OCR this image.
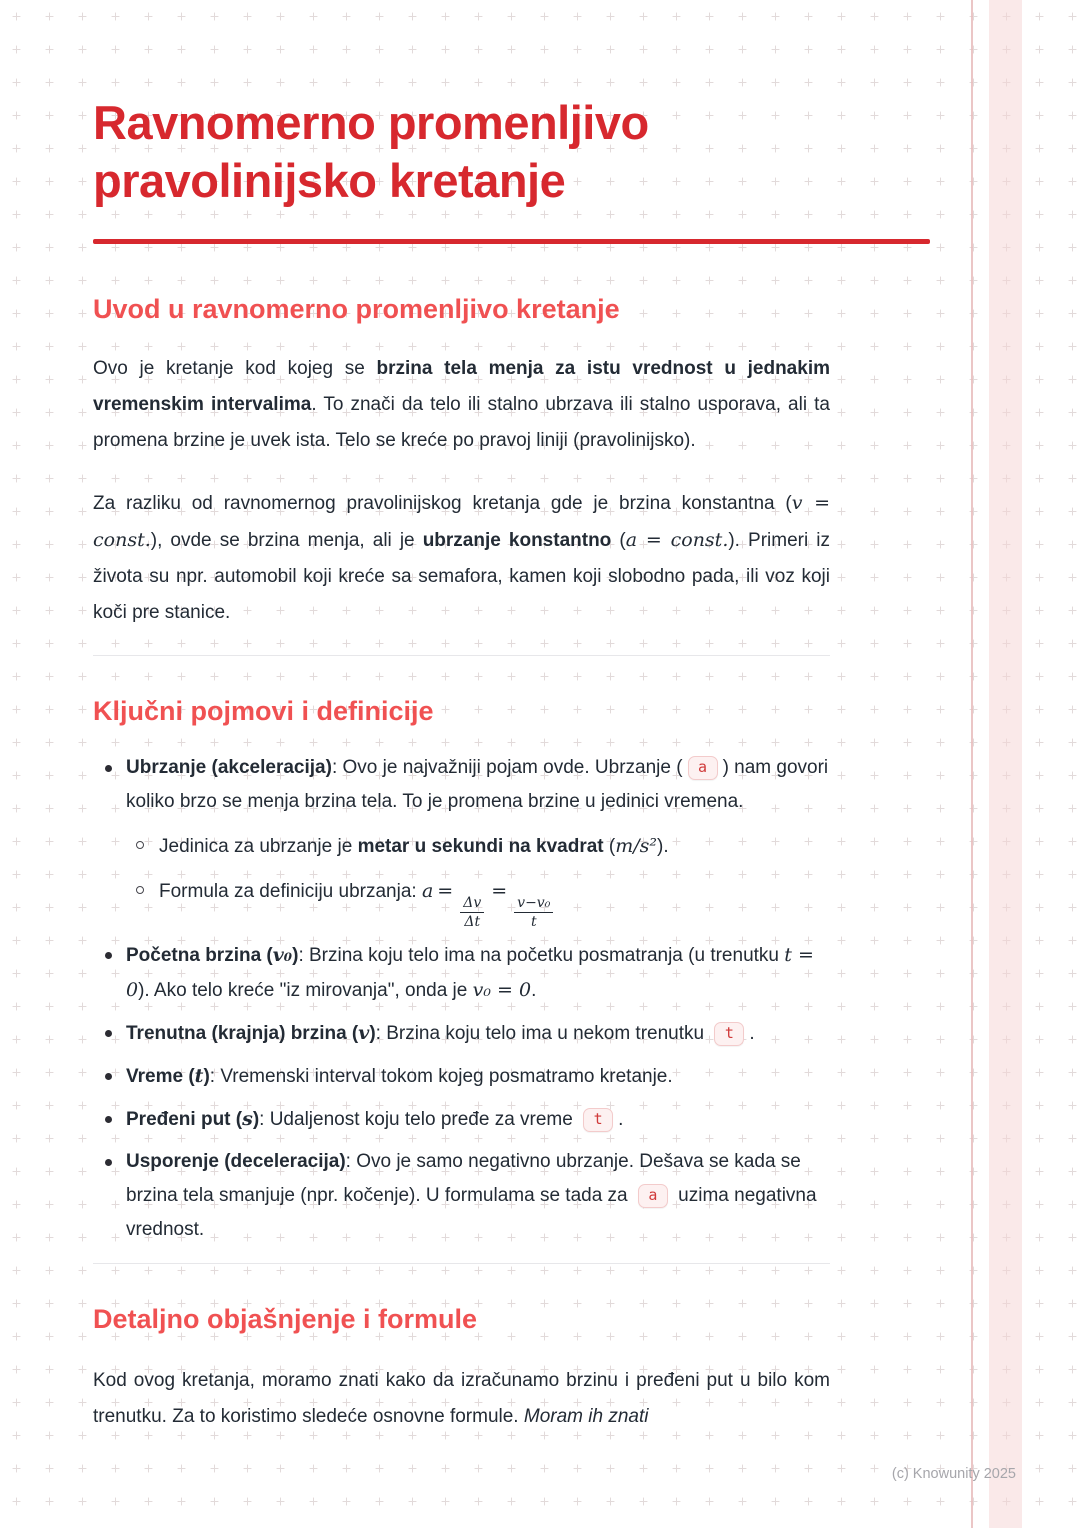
Ravnomerno promenljivo pravolinijsko kretanje
Uvod u ravnomerno promenljivo kretanje

Ovo je kretanje kod kojeg se brzina tela menja za istu vrednost u jednakim vremenskim intervalima. To znači da telo ili stalno ubrzava ili stalno usporava, ali ta promena brzine je uvek ista. Telo se kreće po pravoj liniji (pravolinijsko).

Za razliku od ravnomernog pravolinijskog kretanja gde je brzina konstantna (v = const.), ovde se brzina menja, ali je ubrzanje konstantno (a = const.). Primeri iz života su npr. automobil koji kreće sa semafora, kamen koji slobodno pada, ili voz koji koči pre stanice.

Ključni pojmovi i definicije
Ubrzanje (akceleracija): Ovo je najvažniji pojam ovde. Ubrzanje ( a ) nam govori koliko brzo se menja brzina tela. To je promena brzine u jedinici vremena.
Jedinica za ubrzanje je metar u sekundi na kvadrat (m/s²).
Formula za definiciju ubrzanja: a =
$\frac{\Delta v}{\Delta t}$
=
$\frac{\text{v−v₀}}{t}$
Početna brzina (v₀): Brzina koju telo ima na početku posmatranja (u trenutku t = 0). Ako telo kreće "iz mirovanja", onda je v₀ = 0.
Trenutna (krajnja) brzina (v): Brzina koju telo ima u nekom trenutku t .
Vreme (t): Vremenski interval tokom kojeg posmatramo kretanje.
Pređeni put (s): Udaljenost koju telo pređe za vreme t .
Usporenje (deceleracija): Ovo je samo negativno ubrzanje. Dešava se kada se brzina tela smanjuje (npr. kočenje). U formulama se tada za a uzima negativna vrednost.
Detaljno objašnjenje i formule

Kod ovog kretanja, moramo znati kako da izračunamo brzinu i pređeni put u bilo kom trenutku. Za to koristimo sledeće osnovne formule. Moram ih znati

(c) Knowunity 2025
